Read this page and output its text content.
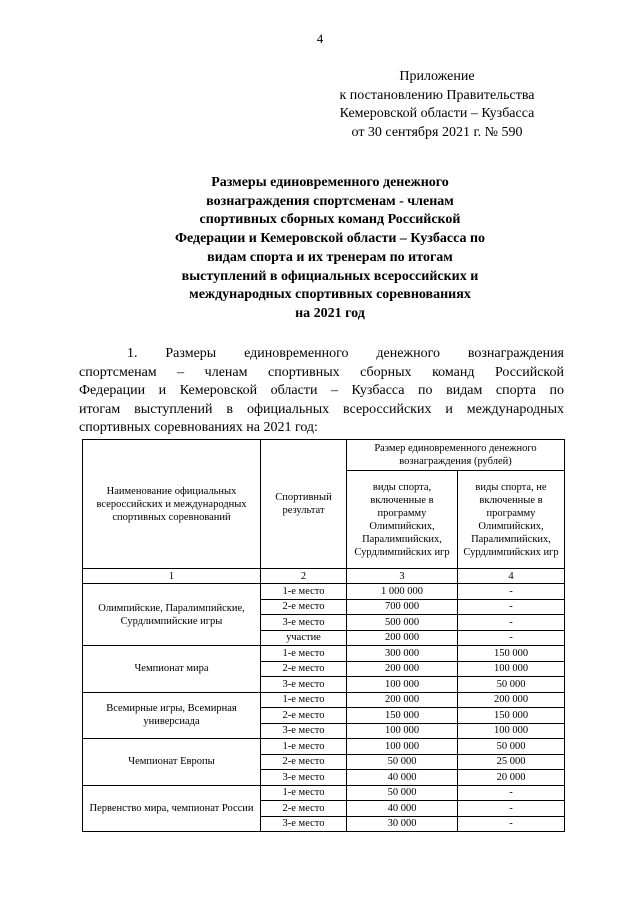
4
Приложение
к постановлению Правительства
Кемеровской области – Кузбасса
от 30 сентября 2021 г. № 590
Размеры единовременного денежного
вознаграждения спортсменам - членам
спортивных сборных команд Российской
Федерации и Кемеровской области – Кузбасса по
видам спорта и их тренерам по итогам
выступлений в официальных всероссийских и
международных спортивных соревнованиях
на 2021 год
1. Размеры единовременного денежного вознаграждения
спортсменам – членам спортивных сборных команд Российской
Федерации и Кемеровской области – Кузбасса по видам спорта по
итогам выступлений в официальных всероссийских и международных
спортивных соревнованиях на 2021 год:
Наименование официальных всероссийских и международных спортивных соревнований	Спортивный результат	Размер единовременного денежного вознаграждения (рублей)	
		виды спорта, включенные в программу Олимпийских, Паралимпийских, Сурдлимпийских игр	виды спорта, не включенные в программу Олимпийских, Паралимпийских, Сурдлимпийских игр
1	2	3	4
Олимпийские, Паралимпийские, Сурдлимпийские игры	1-е место	1 000 000	-
	2-е место	700 000	-
	3-е место	500 000	-
	участие	200 000	-
Чемпионат мира	1-е место	300 000	150 000
	2-е место	200 000	100 000
	3-е место	100 000	50 000
Всемирные игры, Всемирная универсиада	1-е место	200 000	200 000
	2-е место	150 000	150 000
	3-е место	100 000	100 000
Чемпионат Европы	1-е место	100 000	50 000
	2-е место	50 000	25 000
	3-е место	40 000	20 000
Первенство мира, чемпионат России	1-е место	50 000	-
	2-е место	40 000	-
	3-е место	30 000	-
